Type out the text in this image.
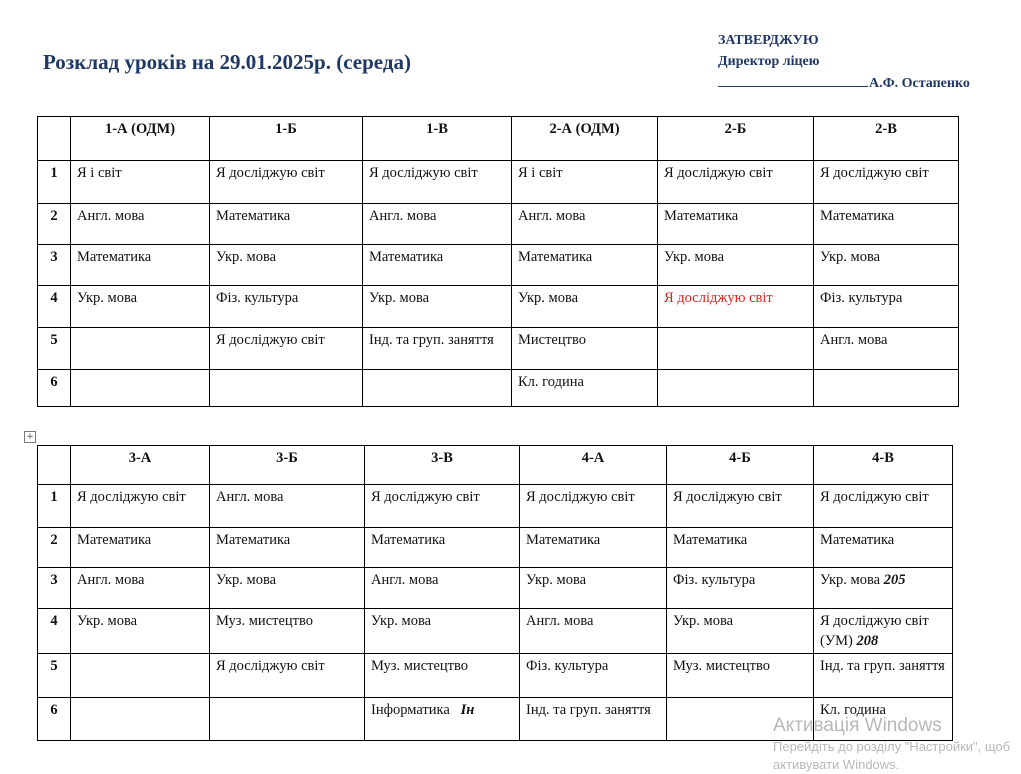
Розклад уроків на 29.01.2025р. (середа)
ЗАТВЕРДЖУЮ
Директор ліцею
А.Ф. Остапенко
	1-А (ОДМ)	1-Б	1-В	2-А (ОДМ)	2-Б	2-В
1	Я і світ	Я досліджую світ	Я досліджую світ	Я і світ	Я досліджую світ	Я досліджую світ
2	Англ. мова	Математика	Англ. мова	Англ. мова	Математика	Математика
3	Математика	Укр. мова	Математика	Математика	Укр. мова	Укр. мова
4	Укр. мова	Фіз. культура	Укр. мова	Укр. мова	Я досліджую світ	Фіз. культура
5		Я досліджую світ	Інд. та груп. заняття	Мистецтво		Англ. мова
6				Кл. година		
+
	3-А	3-Б	3-В	4-А	4-Б	4-В
1	Я досліджую світ	Англ. мова	Я досліджую світ	Я досліджую світ	Я досліджую світ	Я досліджую світ
2	Математика	Математика	Математика	Математика	Математика	Математика
3	Англ. мова	Укр. мова	Англ. мова	Укр. мова	Фіз. культура	Укр. мова 205
4	Укр. мова	Муз. мистецтво	Укр. мова	Англ. мова	Укр. мова	Я досліджую світ  (УМ) 208
5		Я досліджую світ	Муз. мистецтво	Фіз. культура	Муз. мистецтво	Інд. та груп. заняття
6			Інформатика Ін	Інд. та груп. заняття		Кл. година
Активація Windows
Перейдіть до розділу "Настройки", щоб
активувати Windows.
